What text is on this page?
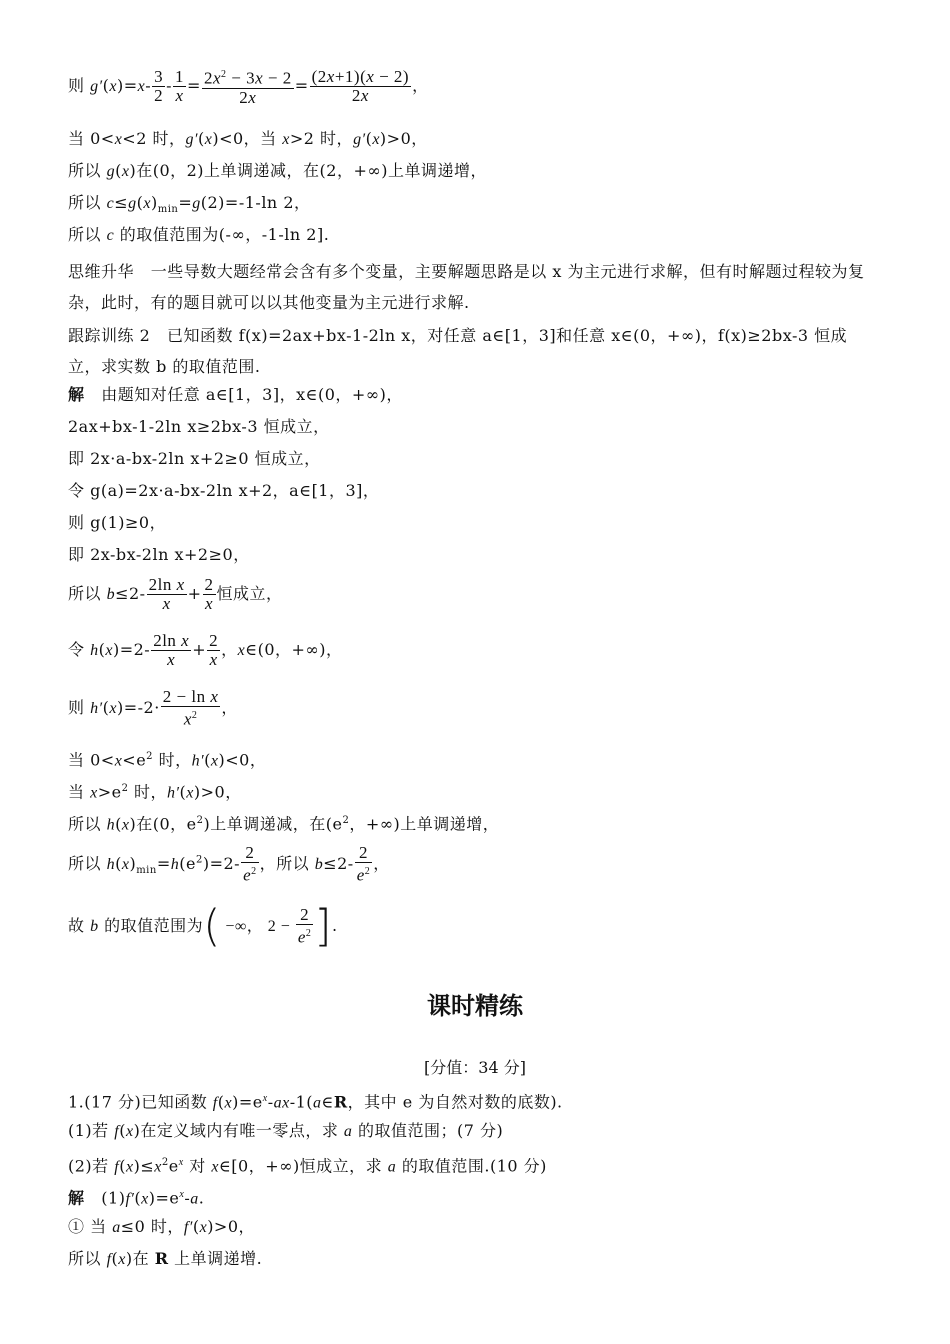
则 $g'(x)=x- \frac{3}{2} - \frac{1}{x} = \frac{2x^2 - 3x - 2}{2x} = \frac{(2x+1)(x - 2)}{2x}$ ，
当 0<x<2 时，g′(x)<0，当 x>2 时，g′(x)>0，
所以 g(x)在(0，2)上单调递减，在(2，+∞)上单调递增，
所以 $c\le g(x)_{min}=g(2)=-1-\ln$ 2，
所以 c 的取值范围为(-∞，-1-ln 2].
思维升华 一些导数大题经常会含有多个变量，主要解题思路是以 x 为主元进行求解，但有时解题过程较为复杂，此时，有的题目就可以以其他变量为主元进行求解.
跟踪训练 2 已知函数 f(x)=2ax+bx-1-2ln x，对任意 a∈[1，3]和任意 x∈(0，+∞)，f(x)≥2bx-3 恒成立，求实数 b 的取值范围.
解 由题知对任意 a∈[1，3]，x∈(0，+∞)，
2ax+bx-1-2ln x≥2bx-3 恒成立，
即 2x·a-bx-2ln x+2≥0 恒成立，
令 g(a)=2x·a-bx-2ln x+2，a∈[1，3]，
则 g(1)≥0，
即 2x-bx-2ln x+2≥0，
所以 $b\le 2- \frac{\text{2ln x}}{x} + \frac{2}{x}$ 恒成立，
令 $h(x)=2- \frac{\text{2ln x}}{x} + \frac{2}{x}$ ，x∈(0，+∞)，
则 $h'(x)=-2\cdot \frac{\text{2 − ln x}}{x^2}$ ，
当 $0<x<e^2$ 时，h′(x)<0，
当 $x>e^2$ 时，h′(x)>0，
所以 h(x)在(0，$e^2$)上单调递减，在($e^2$，+∞)上单调递增，
所以 $h(x)_{min}=h(e^2)=2- \frac{2}{e^2}$ ，所以 $b\le 2- \frac{2}{e^2}$ ，
故 b 的取值范围为( −∞， $2 - \frac{2}{e^2}$ ].
课时精练
[分值：34 分]
1.(17 分)已知函数 $f(x)=e^x-ax-1(a\in R$，其中 e 为自然对数的底数).
(1)若 f(x)在定义域内有唯一零点，求 a 的取值范围；(7 分)
(2)若 $f(x)\le x^2e^x$ 对 x∈[0，+∞)恒成立，求 a 的取值范围.(10 分)
解   $(1)f'(x)=e^x-a$.
① 当 a≤0 时，f′(x)>0，
所以 f(x)在 R 上单调递增.
